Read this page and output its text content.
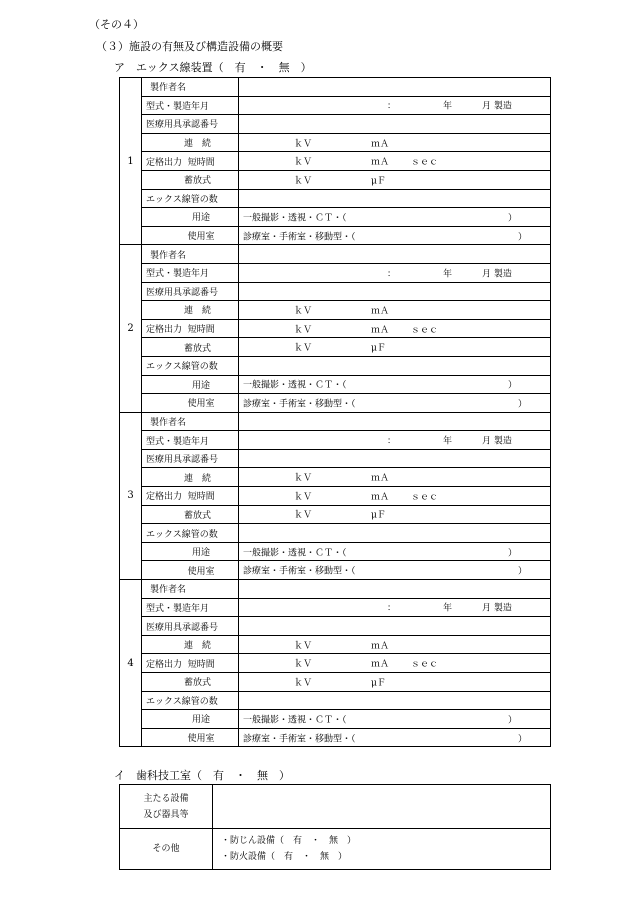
（その４）
（３）施設の有無及び構造設備の概要
ア　エックス線装置（　有　・　無　）
1	製作者名	
	型式・製造年月	： 年 月 製造

	医療用具承認番号	
	連　続	ｋＶ ｍＡ

	定格出力 短時間	ｋＶ ｍＡ ｓｅｃ

	蓄放式	ｋＶ μＦ

	エックス線管の数	
	用途	一般撮影・透視・ＣＴ・（ ）

	使用室	診療室・手術室・移動型・（ ）

2	製作者名	
	型式・製造年月	： 年 月 製造

	医療用具承認番号	
	連　続	ｋＶ ｍＡ

	定格出力 短時間	ｋＶ ｍＡ ｓｅｃ

	蓄放式	ｋＶ μＦ

	エックス線管の数	
	用途	一般撮影・透視・ＣＴ・（ ）

	使用室	診療室・手術室・移動型・（ ）

3	製作者名	
	型式・製造年月	： 年 月 製造

	医療用具承認番号	
	連　続	ｋＶ ｍＡ

	定格出力 短時間	ｋＶ ｍＡ ｓｅｃ

	蓄放式	ｋＶ μＦ

	エックス線管の数	
	用途	一般撮影・透視・ＣＴ・（ ）

	使用室	診療室・手術室・移動型・（ ）

4	製作者名	
	型式・製造年月	： 年 月 製造

	医療用具承認番号	
	連　続	ｋＶ ｍＡ

	定格出力 短時間	ｋＶ ｍＡ ｓｅｃ

	蓄放式	ｋＶ μＦ

	エックス線管の数	
	用途	一般撮影・透視・ＣＴ・（ ）

	使用室	診療室・手術室・移動型・（ ）
イ　歯科技工室（　有　・　無　）
主たる設備
及び器具等	

その他	・防じん設備（　有　・　無　）
・防火設備（　有　・　無　）
